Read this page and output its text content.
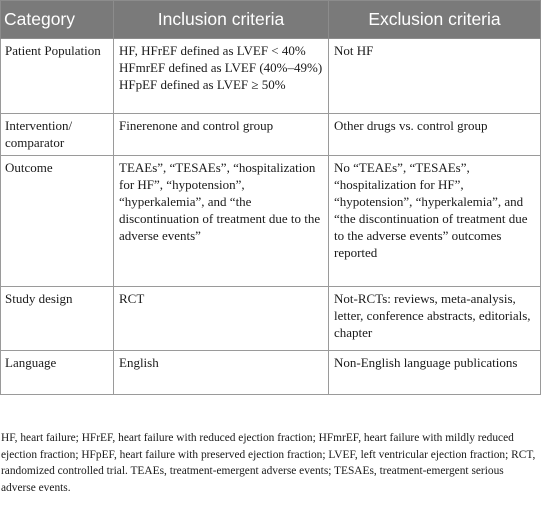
Category	Inclusion criteria	Exclusion criteria
Patient Population	HF, HFrEF defined as LVEF < 40% HFmrEF defined as LVEF (40%–49%) HFpEF defined as LVEF ≥ 50%	Not HF
Intervention/ comparator	Finerenone and control group	Other drugs vs. control group
Outcome	TEAEs”, “TESAEs”, “hospitalization for HF”, “hypotension”, “hyperkalemia”, and “the discontinuation of treatment due to the adverse events”	No “TEAEs”, “TESAEs”, “hospitalization for HF”, “hypotension”, “hyperkalemia”, and “the discontinuation of treatment due to the adverse events” outcomes reported
Study design	RCT	Not-RCTs: reviews, meta-analysis, letter, conference abstracts, editorials, chapter
Language	English	Non-English language publications
HF, heart failure; HFrEF, heart failure with reduced ejection fraction; HFmrEF, heart failure with mildly reduced ejection fraction; HFpEF, heart failure with preserved ejection fraction; LVEF, left ventricular ejection fraction; RCT, randomized controlled trial. TEAEs, treatment-emergent adverse events; TESAEs, treatment-emergent serious adverse events.
